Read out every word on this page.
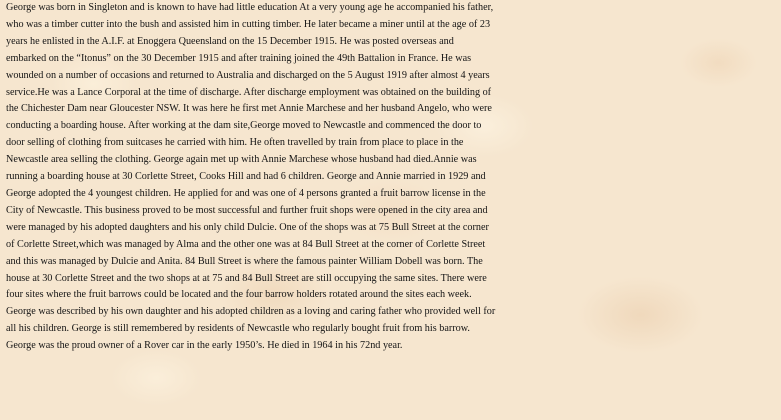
George was born in Singleton and is known to have had little education At a very young age he accompanied his father,
who was a timber cutter into the bush and assisted him in cutting timber. He later became a miner until at the age of 23
years he enlisted in the A.I.F. at Enoggera Queensland on the 15 December 1915. He was posted overseas and
embarked on the “Itonus” on the 30 December 1915 and after training joined the 49th Battalion in France. He was
wounded on a number of occasions and returned to Australia and discharged on the 5 August 1919 after almost 4 years
service.He was a Lance Corporal at the time of discharge. After discharge employment was obtained on the building of
the Chichester Dam near Gloucester NSW. It was here he first met Annie Marchese and her husband Angelo, who were
conducting a boarding house. After working at the dam site,George moved to Newcastle and commenced the door to
door selling of clothing from suitcases he carried with him. He often travelled by train from place to place in the
Newcastle area selling the clothing. George again met up with Annie Marchese whose husband had died.Annie was
running a boarding house at 30 Corlette Street, Cooks Hill and had 6 children. George and Annie married in 1929 and
George adopted the 4 youngest children. He applied for and was one of 4 persons granted a fruit barrow license in the
City of Newcastle. This business proved to be most successful and further fruit shops were opened in the city area and
were managed by his adopted daughters and his only child Dulcie. One of the shops was at 75 Bull Street at the corner
of Corlette Street,which was managed by Alma and the other one was at 84 Bull Street at the corner of Corlette Street
and this was managed by Dulcie and Anita. 84 Bull Street is where the famous painter William Dobell was born. The
house at 30 Corlette Street and the two shops at at 75 and 84 Bull Street are still occupying the same sites. There were
four sites where the fruit barrows could be located and the four barrow holders rotated around the sites each week.
George was described by his own daughter and his adopted children as a loving and caring father who provided well for
all his children. George is still remembered by residents of Newcastle who regularly bought fruit from his barrow.
George was the proud owner of a Rover car in the early 1950’s. He died in 1964 in his 72nd year.
